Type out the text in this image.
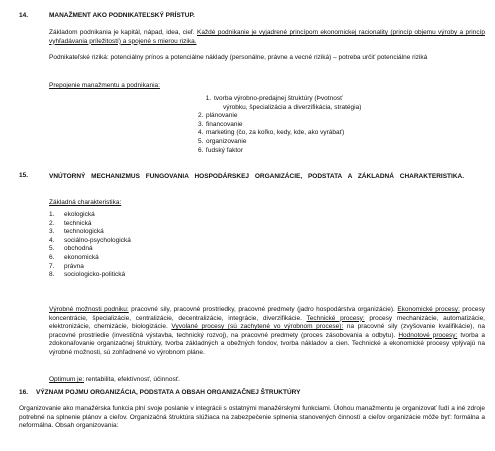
14.	MANAŽMENT AKO PODNIKATEĽSKÝ PRÍSTUP.

Základom podnikania je kapitál, nápad, idea, cieľ. Každé podnikanie je vyjadrené princípom ekonomickej racionality (princíp objemu výroby a princíp vyhľadávania príležitostí) a spojené s mierou rizika.

Podnikateľské riziká: potenciálny prínos a potenciálne náklady (personálne, právne a vecné riziká) – potreba určiť potenciálne riziká

Prepojenie manažmentu a podnikania:
1. tvorba výrobno-predajnej štruktúry (Þvotnosť
výrobku, špecializácia a diverzifikácia, stratégia)
2. plánovanie
3. financovanie
4. marketing (čo, za koľko, kedy, kde, ako vyrábať)
5. organizovanie
6. ľudský faktor
15.	VNÚTORNÝ MECHANIZMUS FUNGOVANIA HOSPODÁRSKEJ ORGANIZÁCIE, PODSTATA A ZÁKLADNÁ CHARAKTERISTIKA.

Základná charakteristika:
1. ekologická
2. technická
3. technologická
4. sociálno-psychologická
5. obchodná
6. ekonomická
7. právna
8. sociologicko-politická

Výrobné možnosti podniku: pracovné sily, pracovné prostriedky, pracovné predmety (jadro hospodárstva organizácie). Ekonomické procesy: procesy koncentrácie, špecializácie, centralizácie, decentralizácie, integrácie, diverzifikácie. Technické procesy: procesy mechanizácie, automatizácie, elektronizácie, chemizácie, biologizácie. Vyvolané procesy (sú zachytené vo výrobnom procese): na pracovné sily (zvyšovanie kvalifikácie), na pracovné prostriedie (investičná výstavba, technický rozvoj), na pracovné predmety (proces zásobovania a odbytu). Hodnotové procesy: tvorba a zdokonaľovanie organizačnej štruktúry, tvorba základných a obežných fondov, tvorba nákladov a cien. Technické a ekonomické procesy vplývajú na výrobné možnosti, sú zohľadnené vo výrobnom pláne.

Optimum je: rentabilita, efektívnosť, účinnosť.
16. VÝZNAM POJMU ORGANIZÁCIA, PODSTATA A OBSAH ORGANIZAČNEJ ŠTRUKTÚRY

Organizovanie ako manažérska funkcia plní svoje poslanie v integrácii s ostatnými manažérskymi funkciami. Úlohou manažmentu je organizovať ľudí a iné zdroje potrebné na splnenie plánov a cieľov. Organizačná štruktúra slúžiaca na zabezpečenie splnenia stanovených činností a cieľov organizácie môže byť: formálna a neformálna. Obsah organizovania:
